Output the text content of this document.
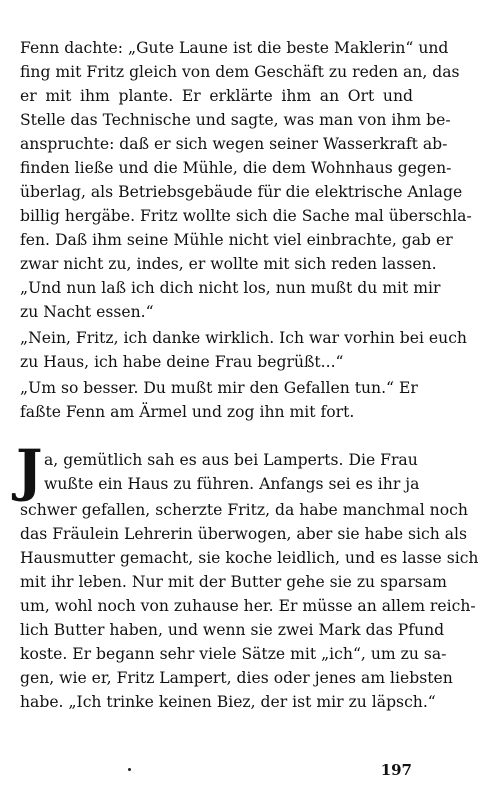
Fenn dachte: „Gute Laune ist die beste Maklerin“ und
fing mit Fritz gleich von dem Geschäft zu reden an, das
er mit ihm plante. Er erklärte ihm an Ort und
Stelle das Technische und sagte, was man von ihm be-
anspruchte: daß er sich wegen seiner Wasserkraft ab-
finden ließe und die Mühle, die dem Wohnhaus gegen-
überlag, als Betriebsgebäude für die elektrische Anlage
billig hergäbe. Fritz wollte sich die Sache mal überschla-
fen. Daß ihm seine Mühle nicht viel einbrachte, gab er
zwar nicht zu, indes, er wollte mit sich reden lassen.
„Und nun laß ich dich nicht los, nun mußt du mit mir
zu Nacht essen.“
„Nein, Fritz, ich danke wirklich. Ich war vorhin bei euch
zu Haus, ich habe deine Frau begrüßt...“
„Um so besser. Du mußt mir den Gefallen tun.“ Er
faßte Fenn am Ärmel und zog ihn mit fort.
J a, gemütlich sah es aus bei Lamperts. Die Frau
wußte ein Haus zu führen. Anfangs sei es ihr ja
schwer gefallen, scherzte Fritz, da habe manchmal noch
das Fräulein Lehrerin überwogen, aber sie habe sich als
Hausmutter gemacht, sie koche leidlich, und es lasse sich
mit ihr leben. Nur mit der Butter gehe sie zu sparsam
um, wohl noch von zuhause her. Er müsse an allem reich-
lich Butter haben, und wenn sie zwei Mark das Pfund
koste. Er begann sehr viele Sätze mit „ich“, um zu sa-
gen, wie er, Fritz Lampert, dies oder jenes am liebsten
habe. „Ich trinke keinen Biez, der ist mir zu läpsch.“
197
